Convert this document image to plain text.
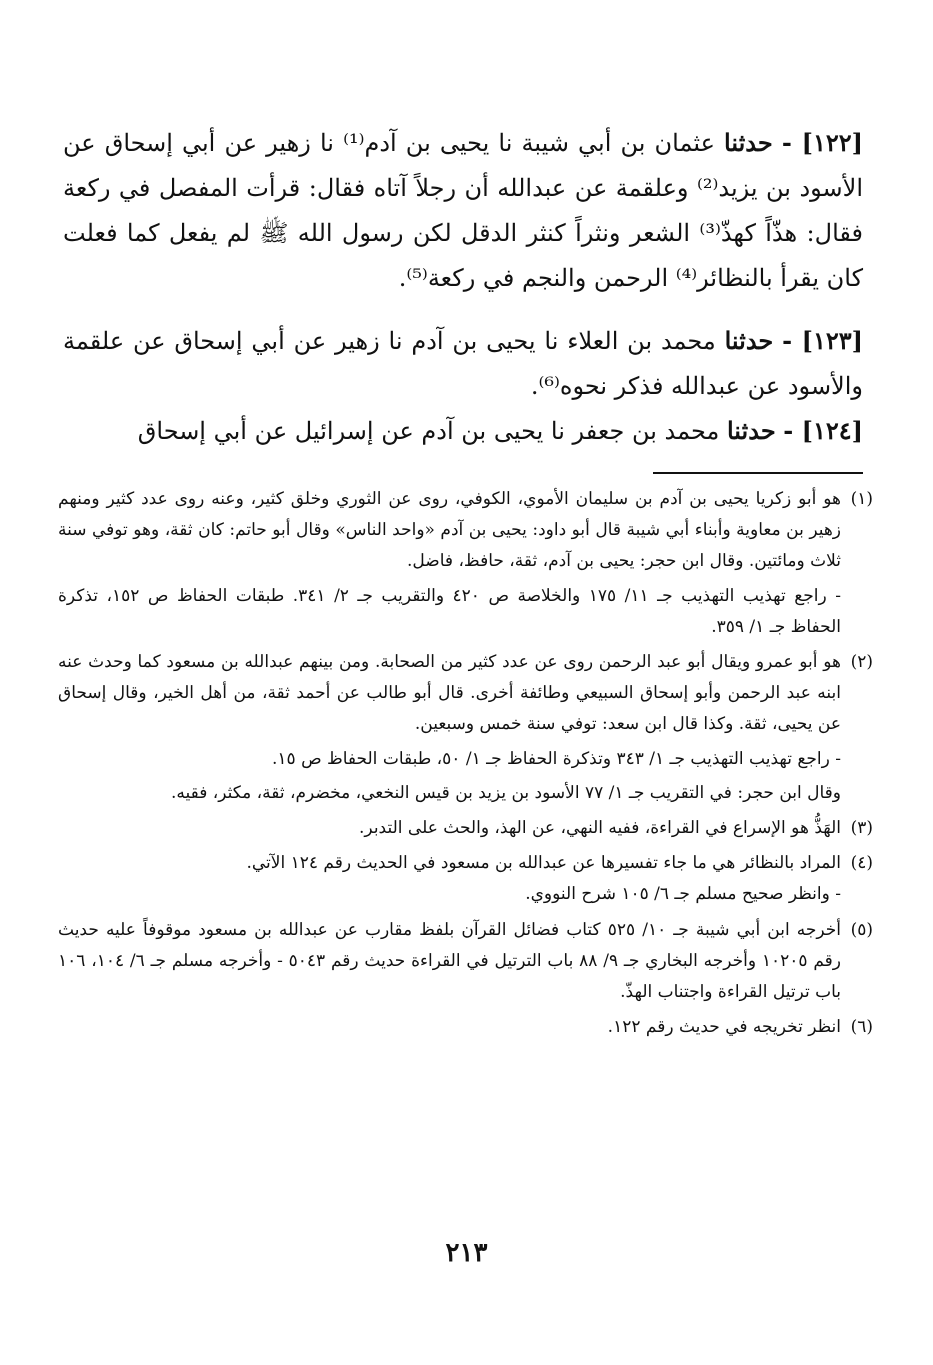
[١٢٢] - حدثنا عثمان بن أبي شيبة نا يحيى بن آدم⁽¹⁾ نا زهير عن أبي إسحاق عن الأسود بن يزيد⁽²⁾ وعلقمة عن عبدالله أن رجلاً آتاه فقال: قرأت المفصل في ركعة فقال: هذّاً كهذّ⁽³⁾ الشعر ونثراً كنثر الدقل لكن رسول الله ﷺ لم يفعل كما فعلت كان يقرأ بالنظائر⁽⁴⁾ الرحمن والنجم في ركعة⁽⁵⁾.
[١٢٣] - حدثنا محمد بن العلاء نا يحيى بن آدم نا زهير عن أبي إسحاق عن علقمة والأسود عن عبدالله فذكر نحوه⁽⁶⁾.
[١٢٤] - حدثنا محمد بن جعفر نا يحيى بن آدم عن إسرائيل عن أبي إسحاق
(١)

هو أبو زكريا يحيى بن آدم بن سليمان الأموي، الكوفي، روى عن الثوري وخلق كثير، وعنه روى عدد كثير ومنهم زهير بن معاوية وأبناء أبي شيبة قال أبو داود: يحيى بن آدم «واحد الناس» وقال أبو حاتم: كان ثقة، وهو توفي سنة ثلاث ومائتين. وقال ابن حجر: يحيى بن آدم، ثقة، حافظ، فاضل.

- راجع تهذيب التهذيب جـ ١١/ ١٧٥ والخلاصة ص ٤٢٠ والتقريب جـ ٢/ ٣٤١. طبقات الحفاظ ص ١٥٢، تذكرة الحفاظ جـ ١/ ٣٥٩.

(٢)

هو أبو عمرو ويقال أبو عبد الرحمن روى عن عدد كثير من الصحابة. ومن بينهم عبدالله بن مسعود كما وحدث عنه ابنه عبد الرحمن وأبو إسحاق السبيعي وطائفة أخرى. قال أبو طالب عن أحمد ثقة، من أهل الخير، وقال إسحاق عن يحيى، ثقة. وكذا قال ابن سعد: توفي سنة خمس وسبعين.

- راجع تهذيب التهذيب جـ ١/ ٣٤٣ وتذكرة الحفاظ جـ ١/ ٥٠، طبقات الحفاظ ص ١٥.

وقال ابن حجر: في التقريب جـ ١/ ٧٧ الأسود بن يزيد بن قيس النخعي، مخضرم، ثقة، مكثر، فقيه.

(٣)

الهَذُّ هو الإسراع في القراءة، ففيه النهي، عن الهذ، والحث على التدبر.

(٤)

المراد بالنظائر هي ما جاء تفسيرها عن عبدالله بن مسعود في الحديث رقم ١٢٤ الآتي.

- وانظر صحيح مسلم جـ ٦/ ١٠٥ شرح النووي.

(٥)

أخرجه ابن أبي شيبة جـ ١٠/ ٥٢٥ كتاب فضائل القرآن بلفظ مقارب عن عبدالله بن مسعود موقوفاً عليه حديث رقم ١٠٢٠٥ وأخرجه البخاري جـ ٩/ ٨٨ باب الترتيل في القراءة حديث رقم ٥٠٤٣ - وأخرجه مسلم جـ ٦/ ١٠٤، ١٠٦ باب ترتيل القراءة واجتناب الهذّ.

(٦)

انظر تخريجه في حديث رقم ١٢٢.

٢١٣
